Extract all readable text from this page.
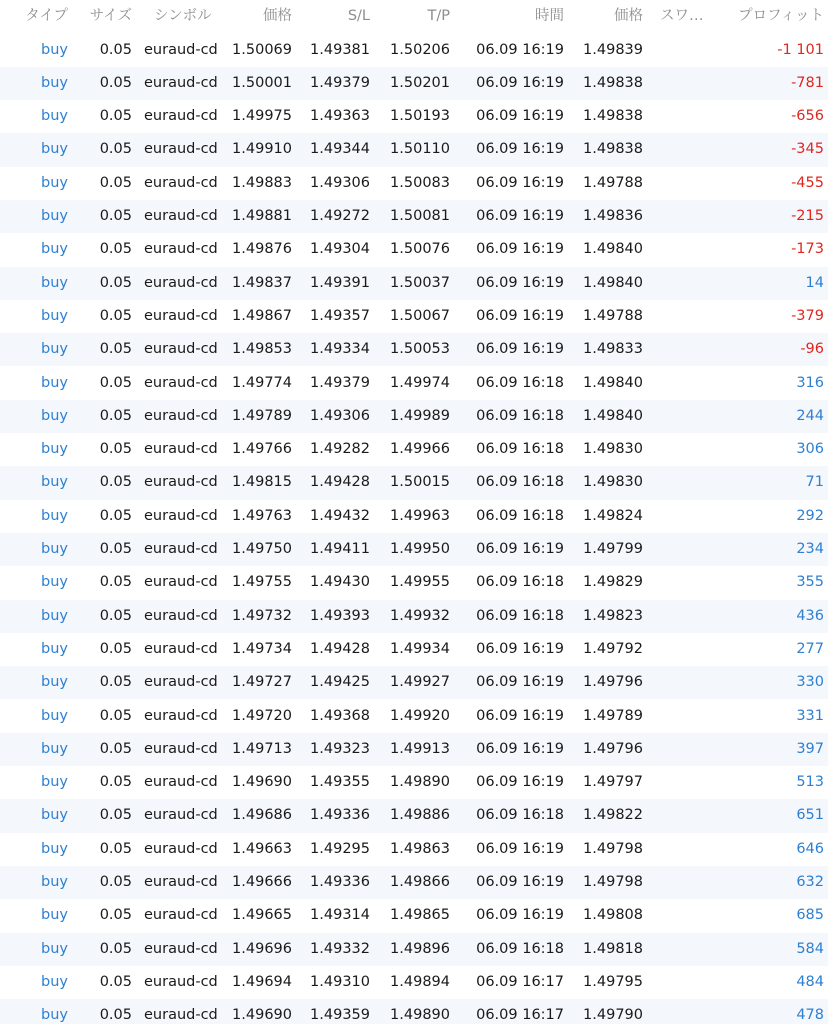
タイプ	サイズ シンボル	価格	S/L	T/P	時間	価格 スワ…	プロフィット
buy	0.05 euraud-cd 1.50069	1.49381	1.50206	06.09 16:19	1.49839	-1 101
buy	0.05 euraud-cd 1.50001	1.49379	1.50201	06.09 16:19	1.49838	-781
buy	0.05 euraud-cd 1.49975	1.49363	1.50193	06.09 16:19	1.49838	-656
buy	0.05 euraud-cd 1.49910	1.49344	1.50110	06.09 16:19	1.49838	-345
buy	0.05 euraud-cd 1.49883	1.49306	1.50083	06.09 16:19	1.49788	-455
buy	0.05 euraud-cd 1.49881	1.49272	1.50081	06.09 16:19	1.49836	-215
buy	0.05 euraud-cd 1.49876	1.49304	1.50076	06.09 16:19	1.49840	-173
buy	0.05 euraud-cd 1.49837	1.49391	1.50037	06.09 16:19	1.49840	14
buy	0.05 euraud-cd 1.49867	1.49357	1.50067	06.09 16:19	1.49788	-379
buy	0.05 euraud-cd 1.49853	1.49334	1.50053	06.09 16:19	1.49833	-96
buy	0.05 euraud-cd 1.49774	1.49379	1.49974	06.09 16:18	1.49840	316
buy	0.05 euraud-cd 1.49789	1.49306	1.49989	06.09 16:18	1.49840	244
buy	0.05 euraud-cd 1.49766	1.49282	1.49966	06.09 16:18	1.49830	306
buy	0.05 euraud-cd 1.49815	1.49428	1.50015	06.09 16:18	1.49830	71
buy	0.05 euraud-cd 1.49763	1.49432	1.49963	06.09 16:18	1.49824	292
buy	0.05 euraud-cd 1.49750	1.49411	1.49950	06.09 16:19	1.49799	234
buy	0.05 euraud-cd 1.49755	1.49430	1.49955	06.09 16:18	1.49829	355
buy	0.05 euraud-cd 1.49732	1.49393	1.49932	06.09 16:18	1.49823	436
buy	0.05 euraud-cd 1.49734	1.49428	1.49934	06.09 16:19	1.49792	277
buy	0.05 euraud-cd 1.49727	1.49425	1.49927	06.09 16:19	1.49796	330
buy	0.05 euraud-cd 1.49720	1.49368	1.49920	06.09 16:19	1.49789	331
buy	0.05 euraud-cd 1.49713	1.49323	1.49913	06.09 16:19	1.49796	397
buy	0.05 euraud-cd 1.49690	1.49355	1.49890	06.09 16:19	1.49797	513
buy	0.05 euraud-cd 1.49686	1.49336	1.49886	06.09 16:18	1.49822	651
buy	0.05 euraud-cd 1.49663	1.49295	1.49863	06.09 16:19	1.49798	646
buy	0.05 euraud-cd 1.49666	1.49336	1.49866	06.09 16:19	1.49798	632
buy	0.05 euraud-cd 1.49665	1.49314	1.49865	06.09 16:19	1.49808	685
buy	0.05 euraud-cd 1.49696	1.49332	1.49896	06.09 16:18	1.49818	584
buy	0.05 euraud-cd 1.49694	1.49310	1.49894	06.09 16:17	1.49795	484
buy	0.05 euraud-cd 1.49690	1.49359	1.49890	06.09 16:17	1.49790	478
